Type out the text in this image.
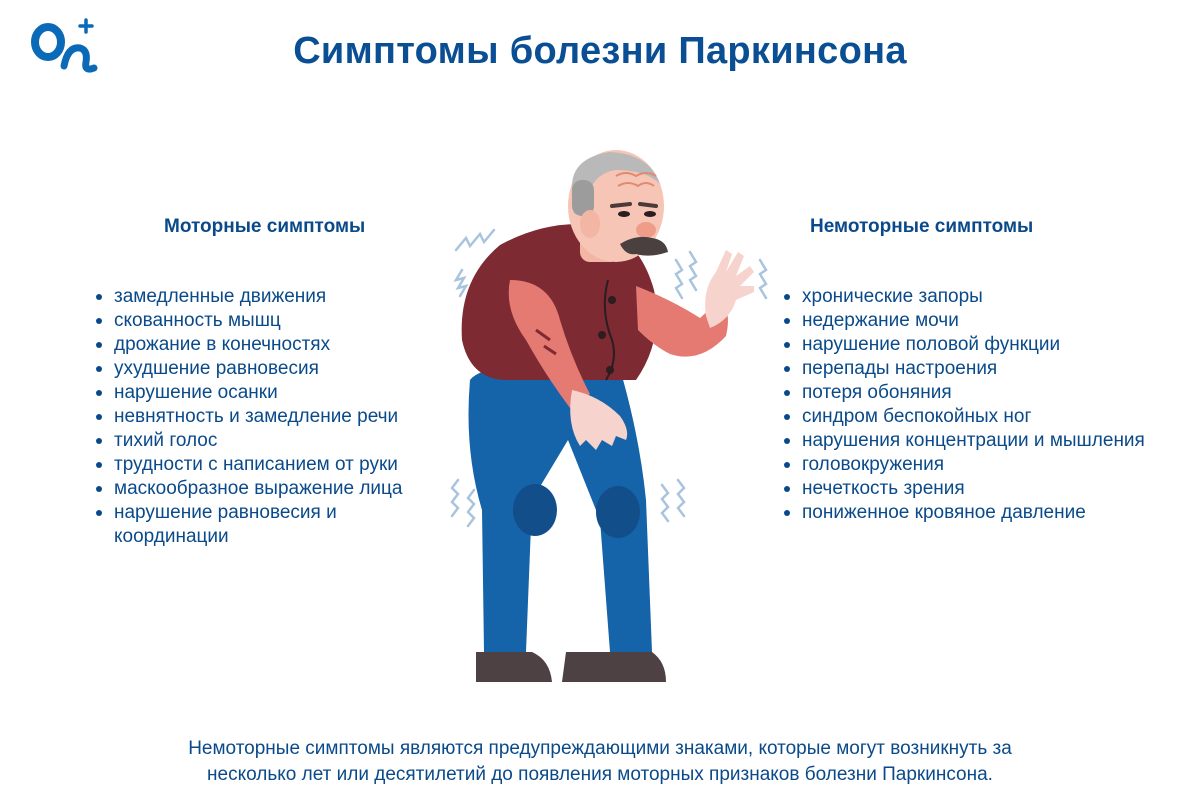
Симптомы болезни Паркинсона
Моторные симптомы	Немоторные симптомы
замедленные движения
скованность мышц
дрожание в конечностях
ухудшение равновесия
нарушение осанки
невнятность и замедление речи
тихий голос
трудности с написанием от руки
маскообразное выражение лица
нарушение равновесия и координации
хронические запоры
недержание мочи
нарушение половой функции
перепады настроения
потеря обоняния
синдром беспокойных ног
нарушения концентрации и мышления
головокружения
нечеткость зрения
пониженное кровяное давление
Немоторные симптомы являются предупреждающими знаками, которые могут возникнуть за
несколько лет или десятилетий до появления моторных признаков болезни Паркинсона.
